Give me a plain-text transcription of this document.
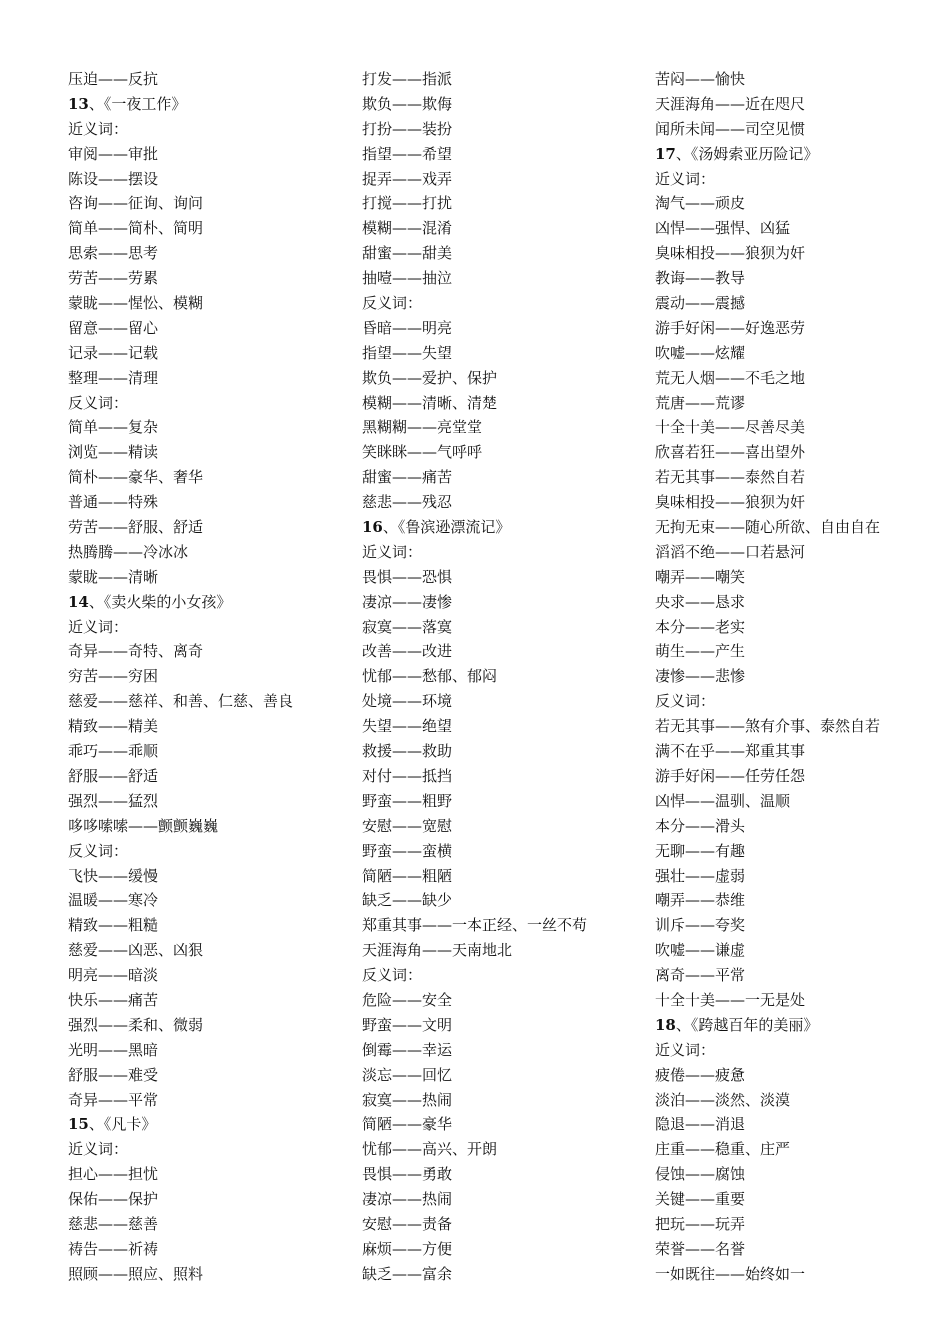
压迫——反抗
13、《一夜工作》
近义词：
审阅——审批
陈设——摆设
咨询——征询、询问
简单——简朴、简明
思索——思考
劳苦——劳累
蒙眬——惺忪、模糊
留意——留心
记录——记载
整理——清理
反义词：
简单——复杂
浏览——精读
简朴——豪华、奢华
普通——特殊
劳苦——舒服、舒适
热腾腾——冷冰冰
蒙眬——清晰
14、《卖火柴的小女孩》
近义词：
奇异——奇特、离奇
穷苦——穷困
慈爱——慈祥、和善、仁慈、善良
精致——精美
乖巧——乖顺
舒服——舒适
强烈——猛烈
哆哆嗦嗦——颤颤巍巍
反义词：
飞快——缓慢
温暖——寒冷
精致——粗糙
慈爱——凶恶、凶狠
明亮——暗淡
快乐——痛苦
强烈——柔和、微弱
光明——黑暗
舒服——难受
奇异——平常
15、《凡卡》
近义词：
担心——担忧
保佑——保护
慈悲——慈善
祷告——祈祷
照顾——照应、照料
打发——指派
欺负——欺侮
打扮——装扮
指望——希望
捉弄——戏弄
打搅——打扰
模糊——混淆
甜蜜——甜美
抽噎——抽泣
反义词：
昏暗——明亮
指望——失望
欺负——爱护、保护
模糊——清晰、清楚
黑糊糊——亮堂堂
笑眯眯——气呼呼
甜蜜——痛苦
慈悲——残忍
16、《鲁滨逊漂流记》
近义词：
畏惧——恐惧
凄凉——凄惨
寂寞——落寞
改善——改进
忧郁——愁郁、郁闷
处境——环境
失望——绝望
救援——救助
对付——抵挡
野蛮——粗野
安慰——宽慰
野蛮——蛮横
简陋——粗陋
缺乏——缺少
郑重其事——一本正经、一丝不苟
天涯海角——天南地北
反义词：
危险——安全
野蛮——文明
倒霉——幸运
淡忘——回忆
寂寞——热闹
简陋——豪华
忧郁——高兴、开朗
畏惧——勇敢
凄凉——热闹
安慰——责备
麻烦——方便
缺乏——富余
苦闷——愉快
天涯海角——近在咫尺
闻所未闻——司空见惯
17、《汤姆索亚历险记》
近义词：
淘气——顽皮
凶悍——强悍、凶猛
臭味相投——狼狈为奸
教诲——教导
震动——震撼
游手好闲——好逸恶劳
吹嘘——炫耀
荒无人烟——不毛之地
荒唐——荒谬
十全十美——尽善尽美
欣喜若狂——喜出望外
若无其事——泰然自若
臭味相投——狼狈为奸
无拘无束——随心所欲、自由自在
滔滔不绝——口若悬河
嘲弄——嘲笑
央求——恳求
本分——老实
萌生——产生
凄惨——悲惨
反义词：
若无其事——煞有介事、泰然自若
满不在乎——郑重其事
游手好闲——任劳任怨
凶悍——温驯、温顺
本分——滑头
无聊——有趣
强壮——虚弱
嘲弄——恭维
训斥——夸奖
吹嘘——谦虚
离奇——平常
十全十美——一无是处
18、《跨越百年的美丽》
近义词：
疲倦——疲惫
淡泊——淡然、淡漠
隐退——消退
庄重——稳重、庄严
侵蚀——腐蚀
关键——重要
把玩——玩弄
荣誉——名誉
一如既往——始终如一
